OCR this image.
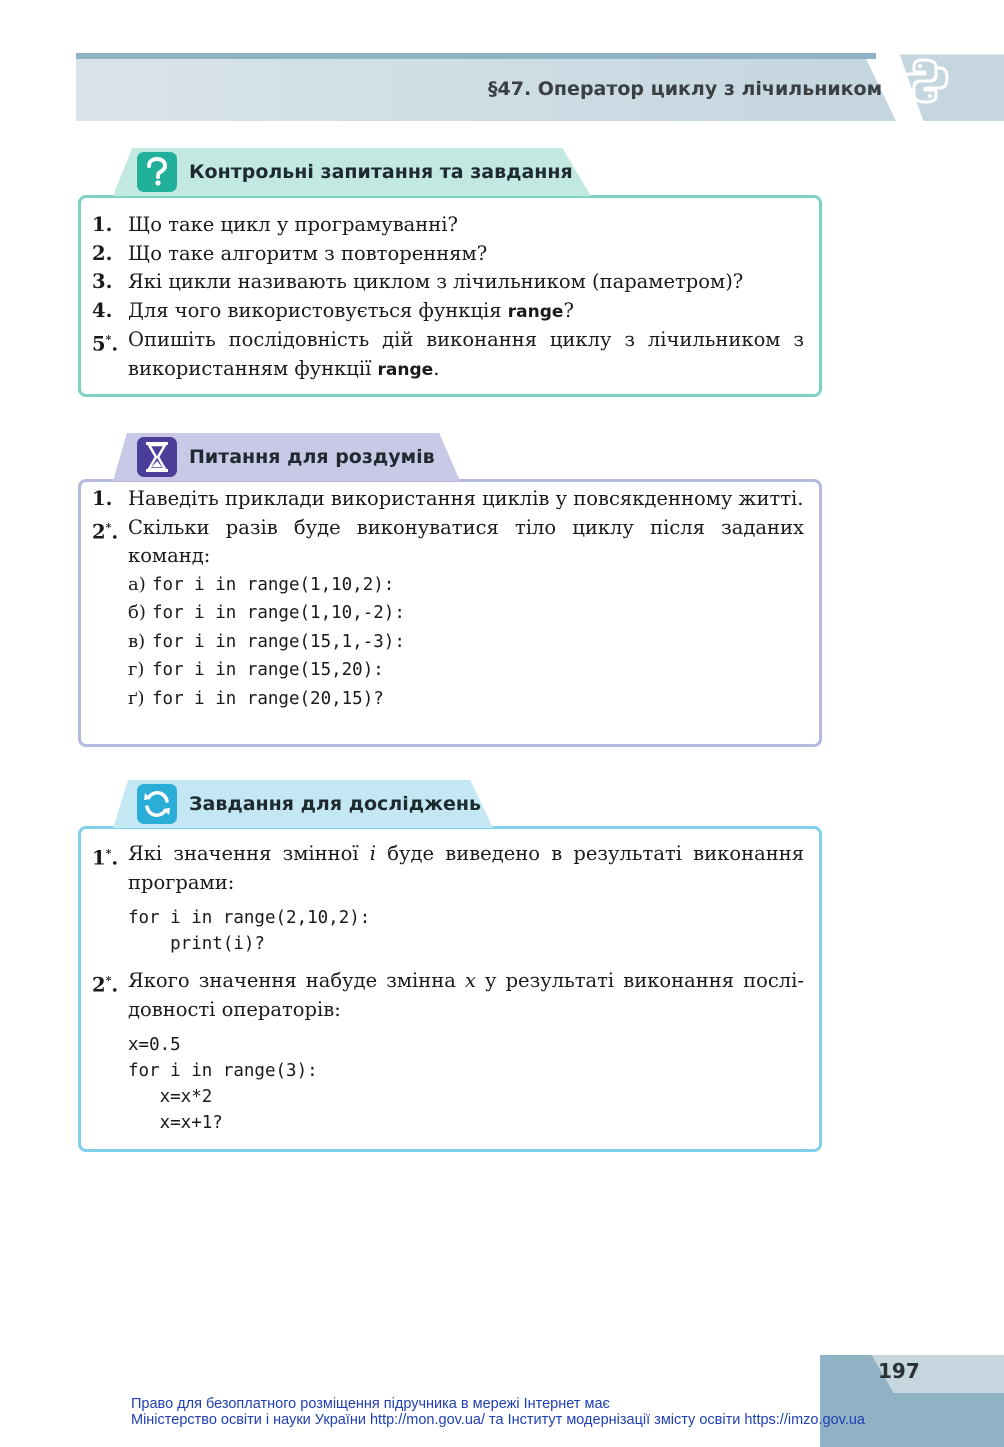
§47. Оператор циклу з лічильником
Контрольні запитання та завдання
1. Що таке цикл у програмуванні?
2. Що таке алгоритм з повторенням?
3. Які цикли називають циклом з лічильником (параметром)?
4. Для чого використовується функція range?
5*. Опишіть послідовність дій виконання циклу з лічильником з використанням функції range.
Питання для роздумів
1. Наведіть приклади використання циклів у повсякденному житті.
2*. Скільки разів буде виконуватися тіло циклу після заданих команд:
а) for i in range(1,10,2):
б) for i in range(1,10,-2):
в) for i in range(15,1,-3):
г) for i in range(15,20):
ґ) for i in range(20,15)?
Завдання для досліджень
1*. Які значення змінної i буде виведено в результаті виконання програми:
for i in range(2,10,2):
print(i)?
2*. Якого значення набуде змінна x у результаті виконання послідовності операторів:
x=0.5
for i in range(3):
x=x*2
x=x+1?
197
Право для безоплатного розміщення підручника в мережі Інтернет має
Міністерство освіти і науки України http://mon.gov.ua/ та Інститут модернізації змісту освіти https://imzo.gov.ua
